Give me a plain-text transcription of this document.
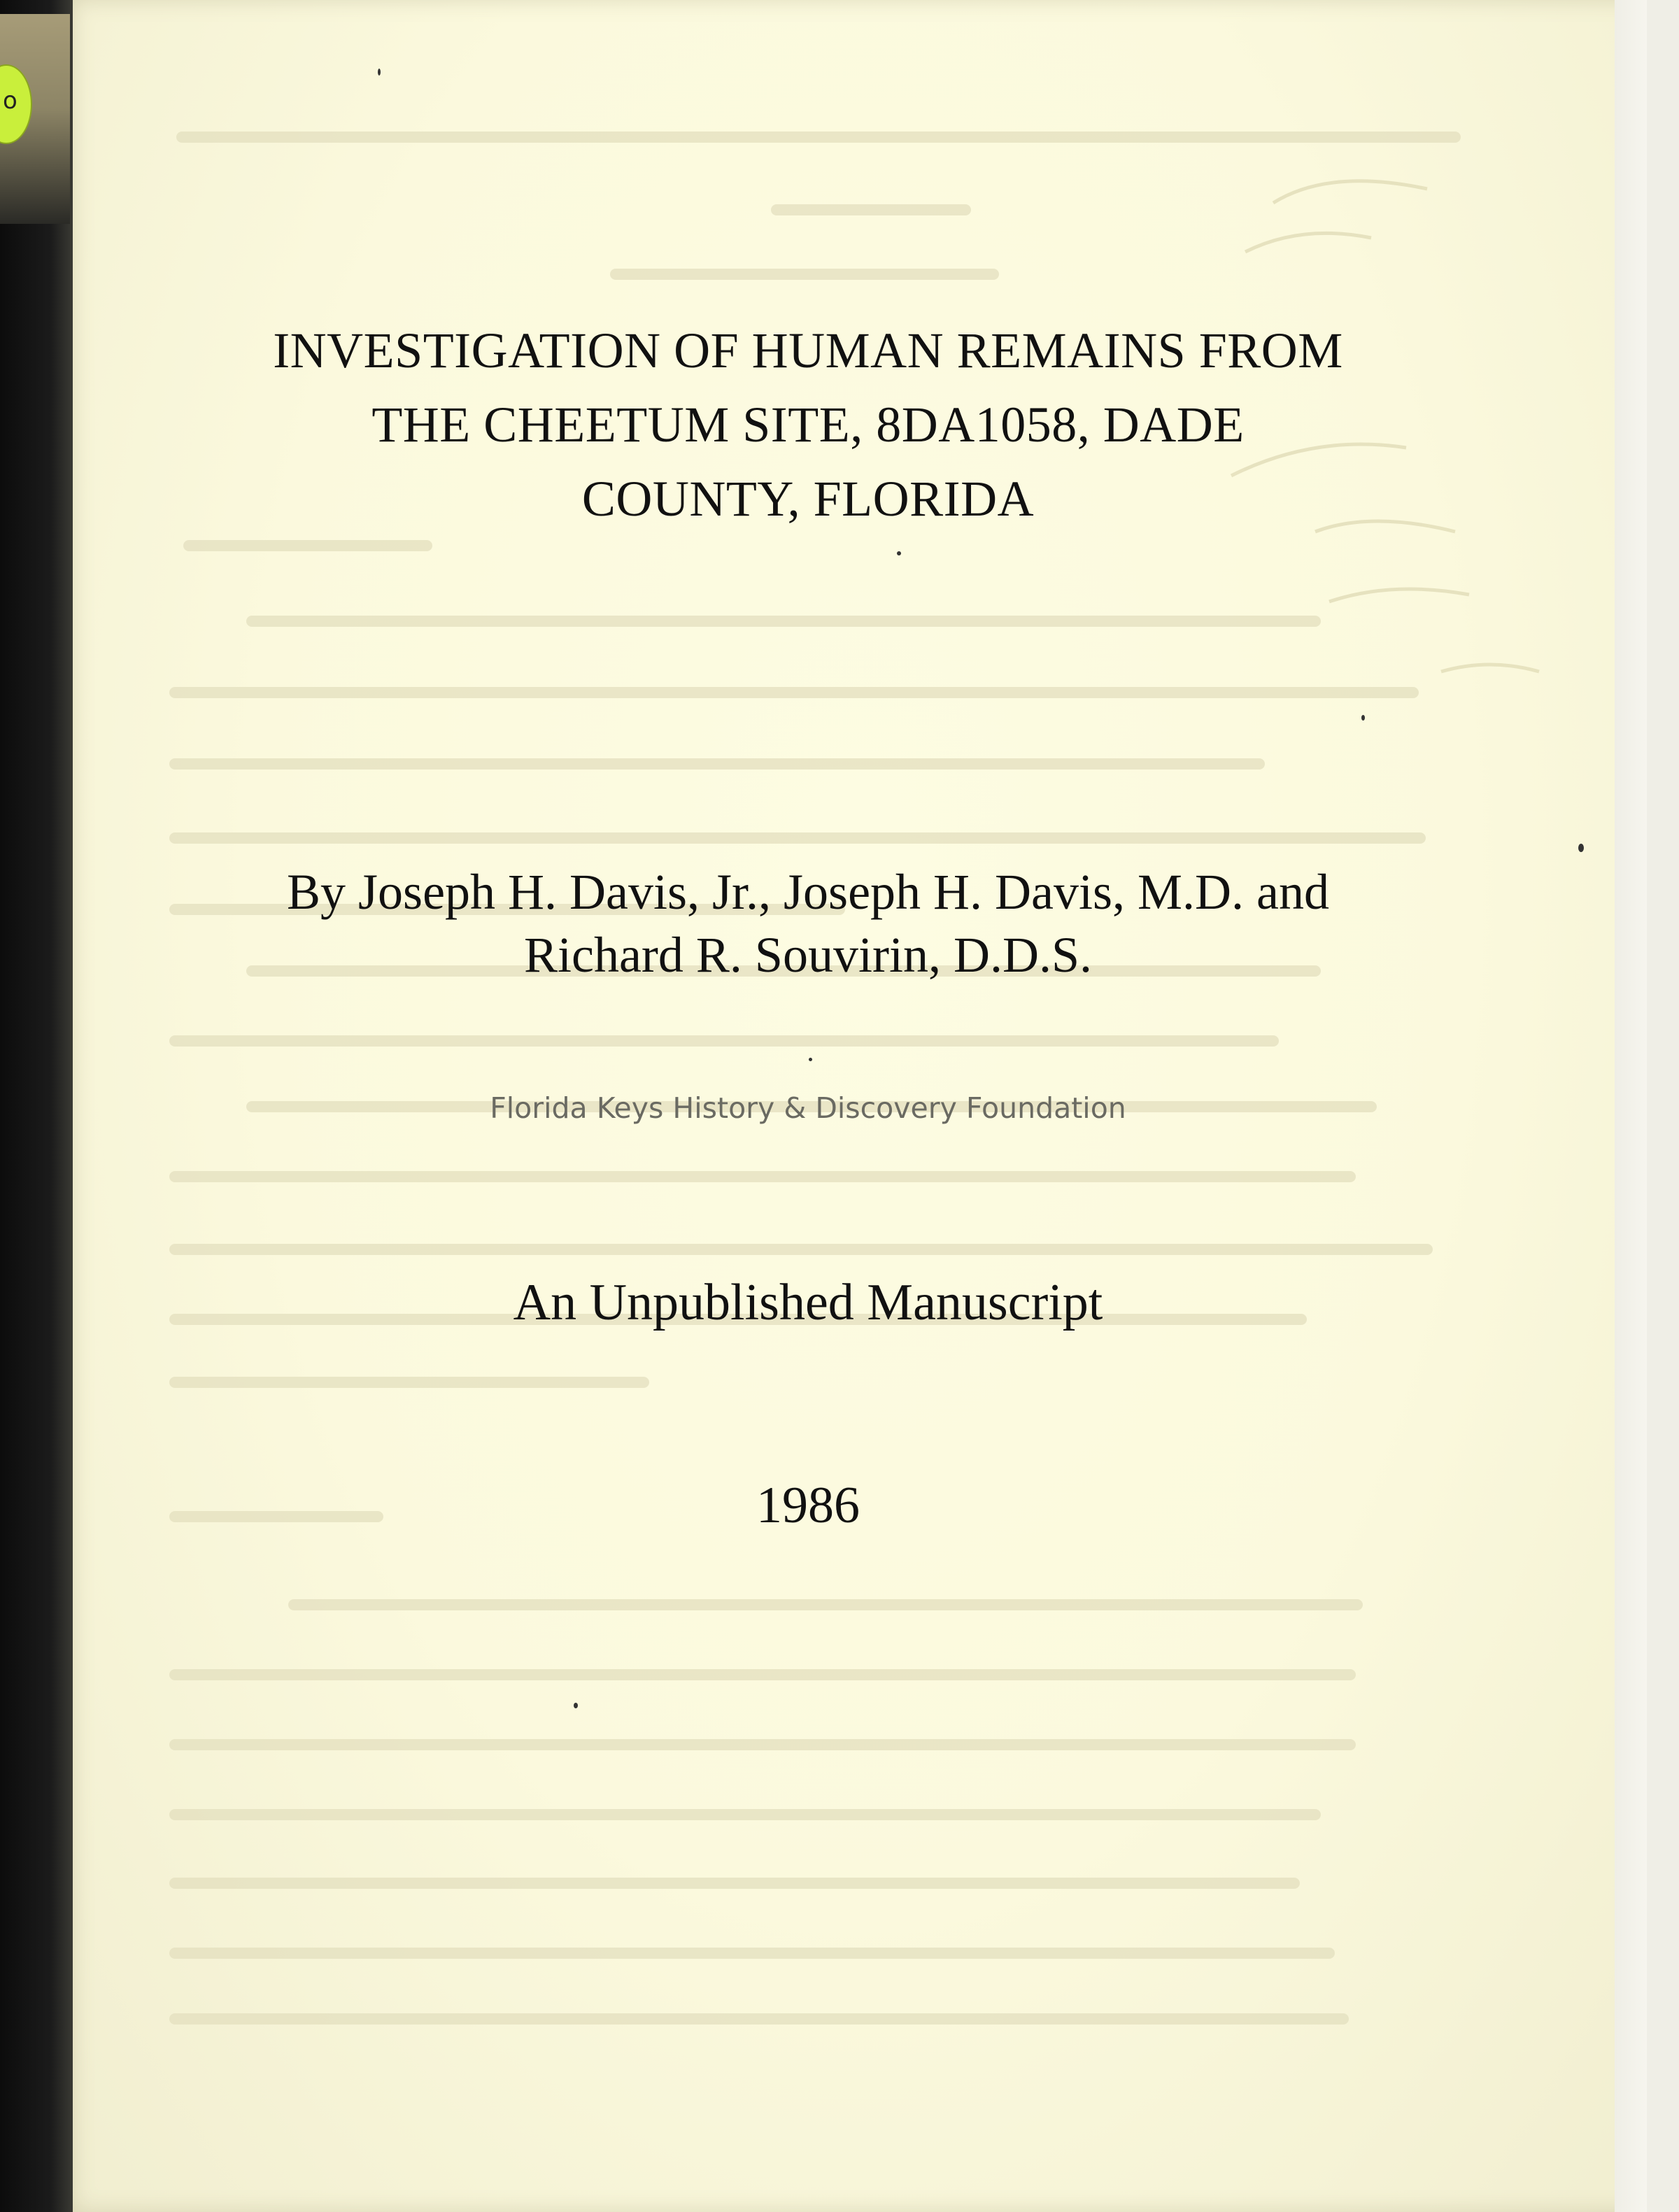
o
INVESTIGATION OF HUMAN REMAINS FROM
THE CHEETUM SITE, 8DA1058, DADE
COUNTY, FLORIDA
By Joseph H. Davis, Jr., Joseph H. Davis, M.D. and
Richard R. Souvirin, D.D.S.
Florida Keys History & Discovery Foundation
An Unpublished Manuscript
1986
